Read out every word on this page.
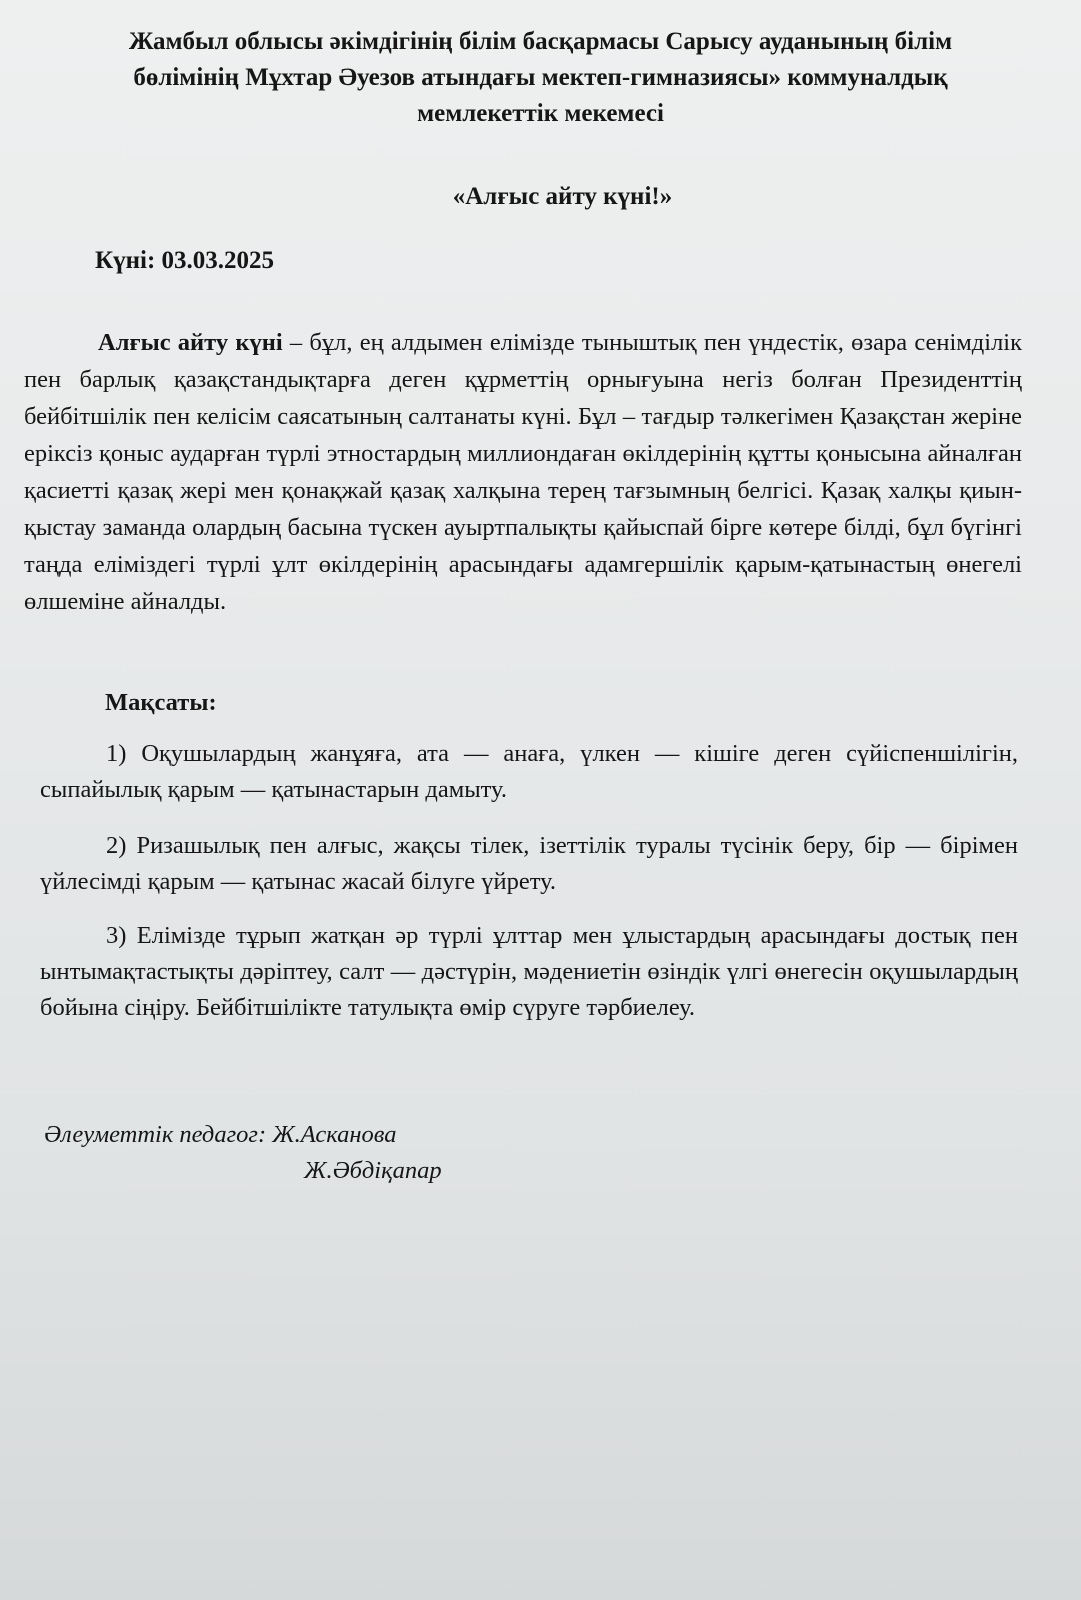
Жамбыл облысы әкімдігінің білім басқармасы Сарысу ауданының білім
бөлімінің Мұхтар Әуезов атындағы мектеп-гимназиясы» коммуналдық
мемлекеттік мекемесі
«Алғыс айту күні!»
Күні: 03.03.2025

Алғыс айту күні – бұл, ең алдымен елімізде тыныштық пен үндестік, өзара сенімділік пен барлық қазақстандықтарға деген құрметтің орнығуына негіз болған Президенттің бейбітшілік пен келісім саясатының салтанаты күні. Бұл – тағдыр тәлкегімен Қазақстан жеріне еріксіз қоныс аударған түрлі этностардың миллиондаған өкілдерінің құтты қонысына айналған қасиетті қазақ жері мен қонақжай қазақ халқына терең тағзымның белгісі. Қазақ халқы қиын-қыстау заманда олардың басына түскен ауыртпалықты қайыспай бірге көтере білді, бұл бүгінгі таңда еліміздегі түрлі ұлт өкілдерінің арасындағы адамгершілік қарым-қатынастың өнегелі өлшеміне айналды.

Мақсаты:

1) Оқушылардың жанұяға, ата — анаға, үлкен — кішіге деген сүйіспеншілігін, сыпайылық қарым — қатынастарын дамыту.

2) Ризашылық пен алғыс, жақсы тілек, ізеттілік туралы түсінік беру, бір — бірімен үйлесімді қарым — қатынас жасай білуге үйрету.

3) Елімізде тұрып жатқан әр түрлі ұлттар мен ұлыстардың арасындағы достық пен ынтымақтастықты дәріптеу, салт — дәстүрін, мәдениетін өзіндік үлгі өнегесін оқушылардың бойына сіңіру. Бейбітшілікте татулықта өмір сүруге тәрбиелеу.

Әлеуметтік педагог: Ж.Асканова
Ж.Әбдіқапар
